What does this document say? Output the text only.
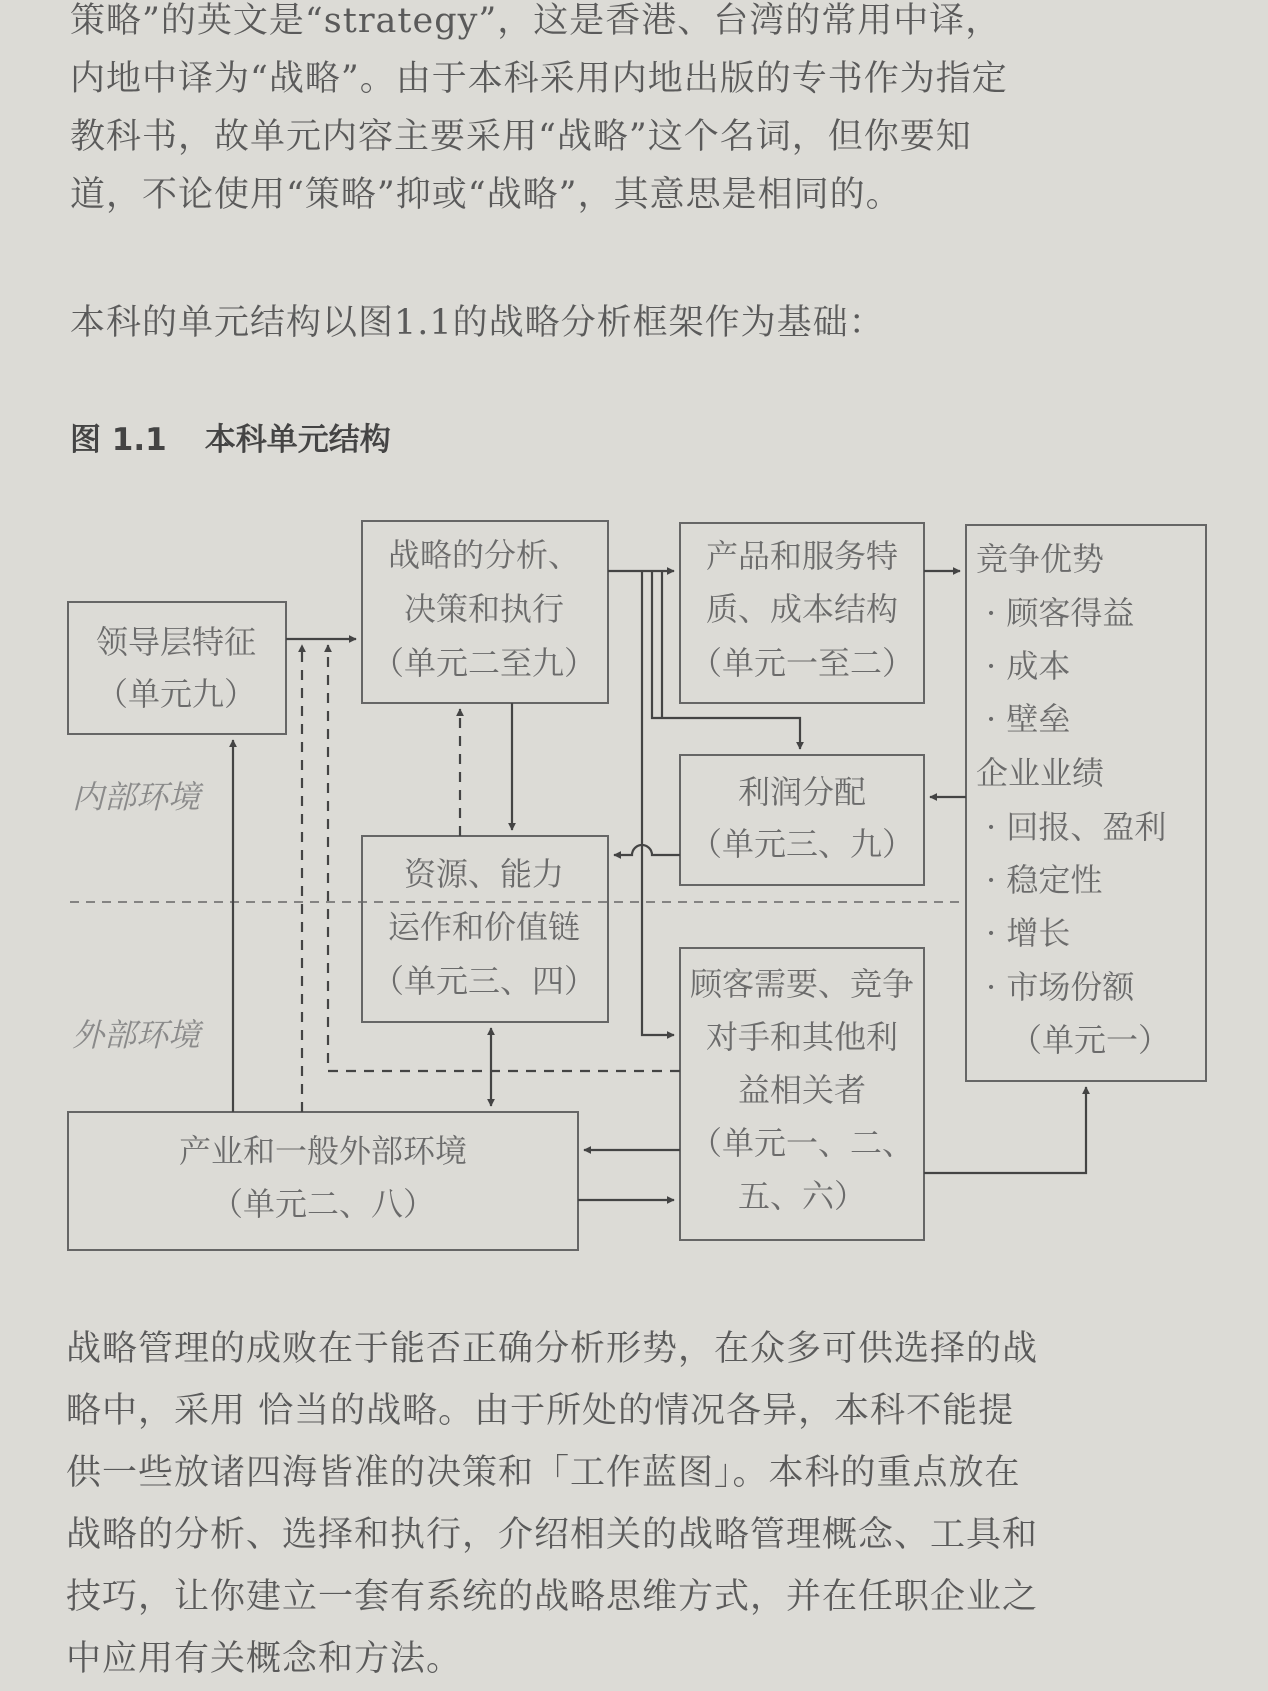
策略”的英文是“strategy”，这是香港、台湾的常用中译，
内地中译为“战略”。由于本科采用内地出版的专书作为指定
教科书，故单元内容主要采用“战略”这个名词，但你要知
道，不论使用“策略”抑或“战略”，其意思是相同的。
本科的单元结构以图1.1的战略分析框架作为基础：
图 1.1 本科单元结构
内部环境
外部环境
领导层特征
（单元九）
战略的分析、
决策和执行
（单元二至九）
产品和服务特
质、成本结构
（单元一至二）
利润分配
（单元三、九）
资源、能力
运作和价值链
（单元三、四）	顾客需要、竞争
对手和其他利
益相关者
（单元一、二、
五、六）
产业和一般外部环境
（单元二、八）
竞争优势
· 顾客得益
· 成本
· 壁垒
企业业绩
· 回报、盈利
· 稳定性
· 增长
· 市场份额
（单元一）
战略管理的成败在于能否正确分析形势，在众多可供选择的战
略中，采用 恰当的战略。由于所处的情况各异，本科不能提
供一些放诸四海皆准的决策和「工作蓝图」。本科的重点放在
战略的分析、选择和执行，介绍相关的战略管理概念、工具和
技巧，让你建立一套有系统的战略思维方式，并在任职企业之
中应用有关概念和方法。
